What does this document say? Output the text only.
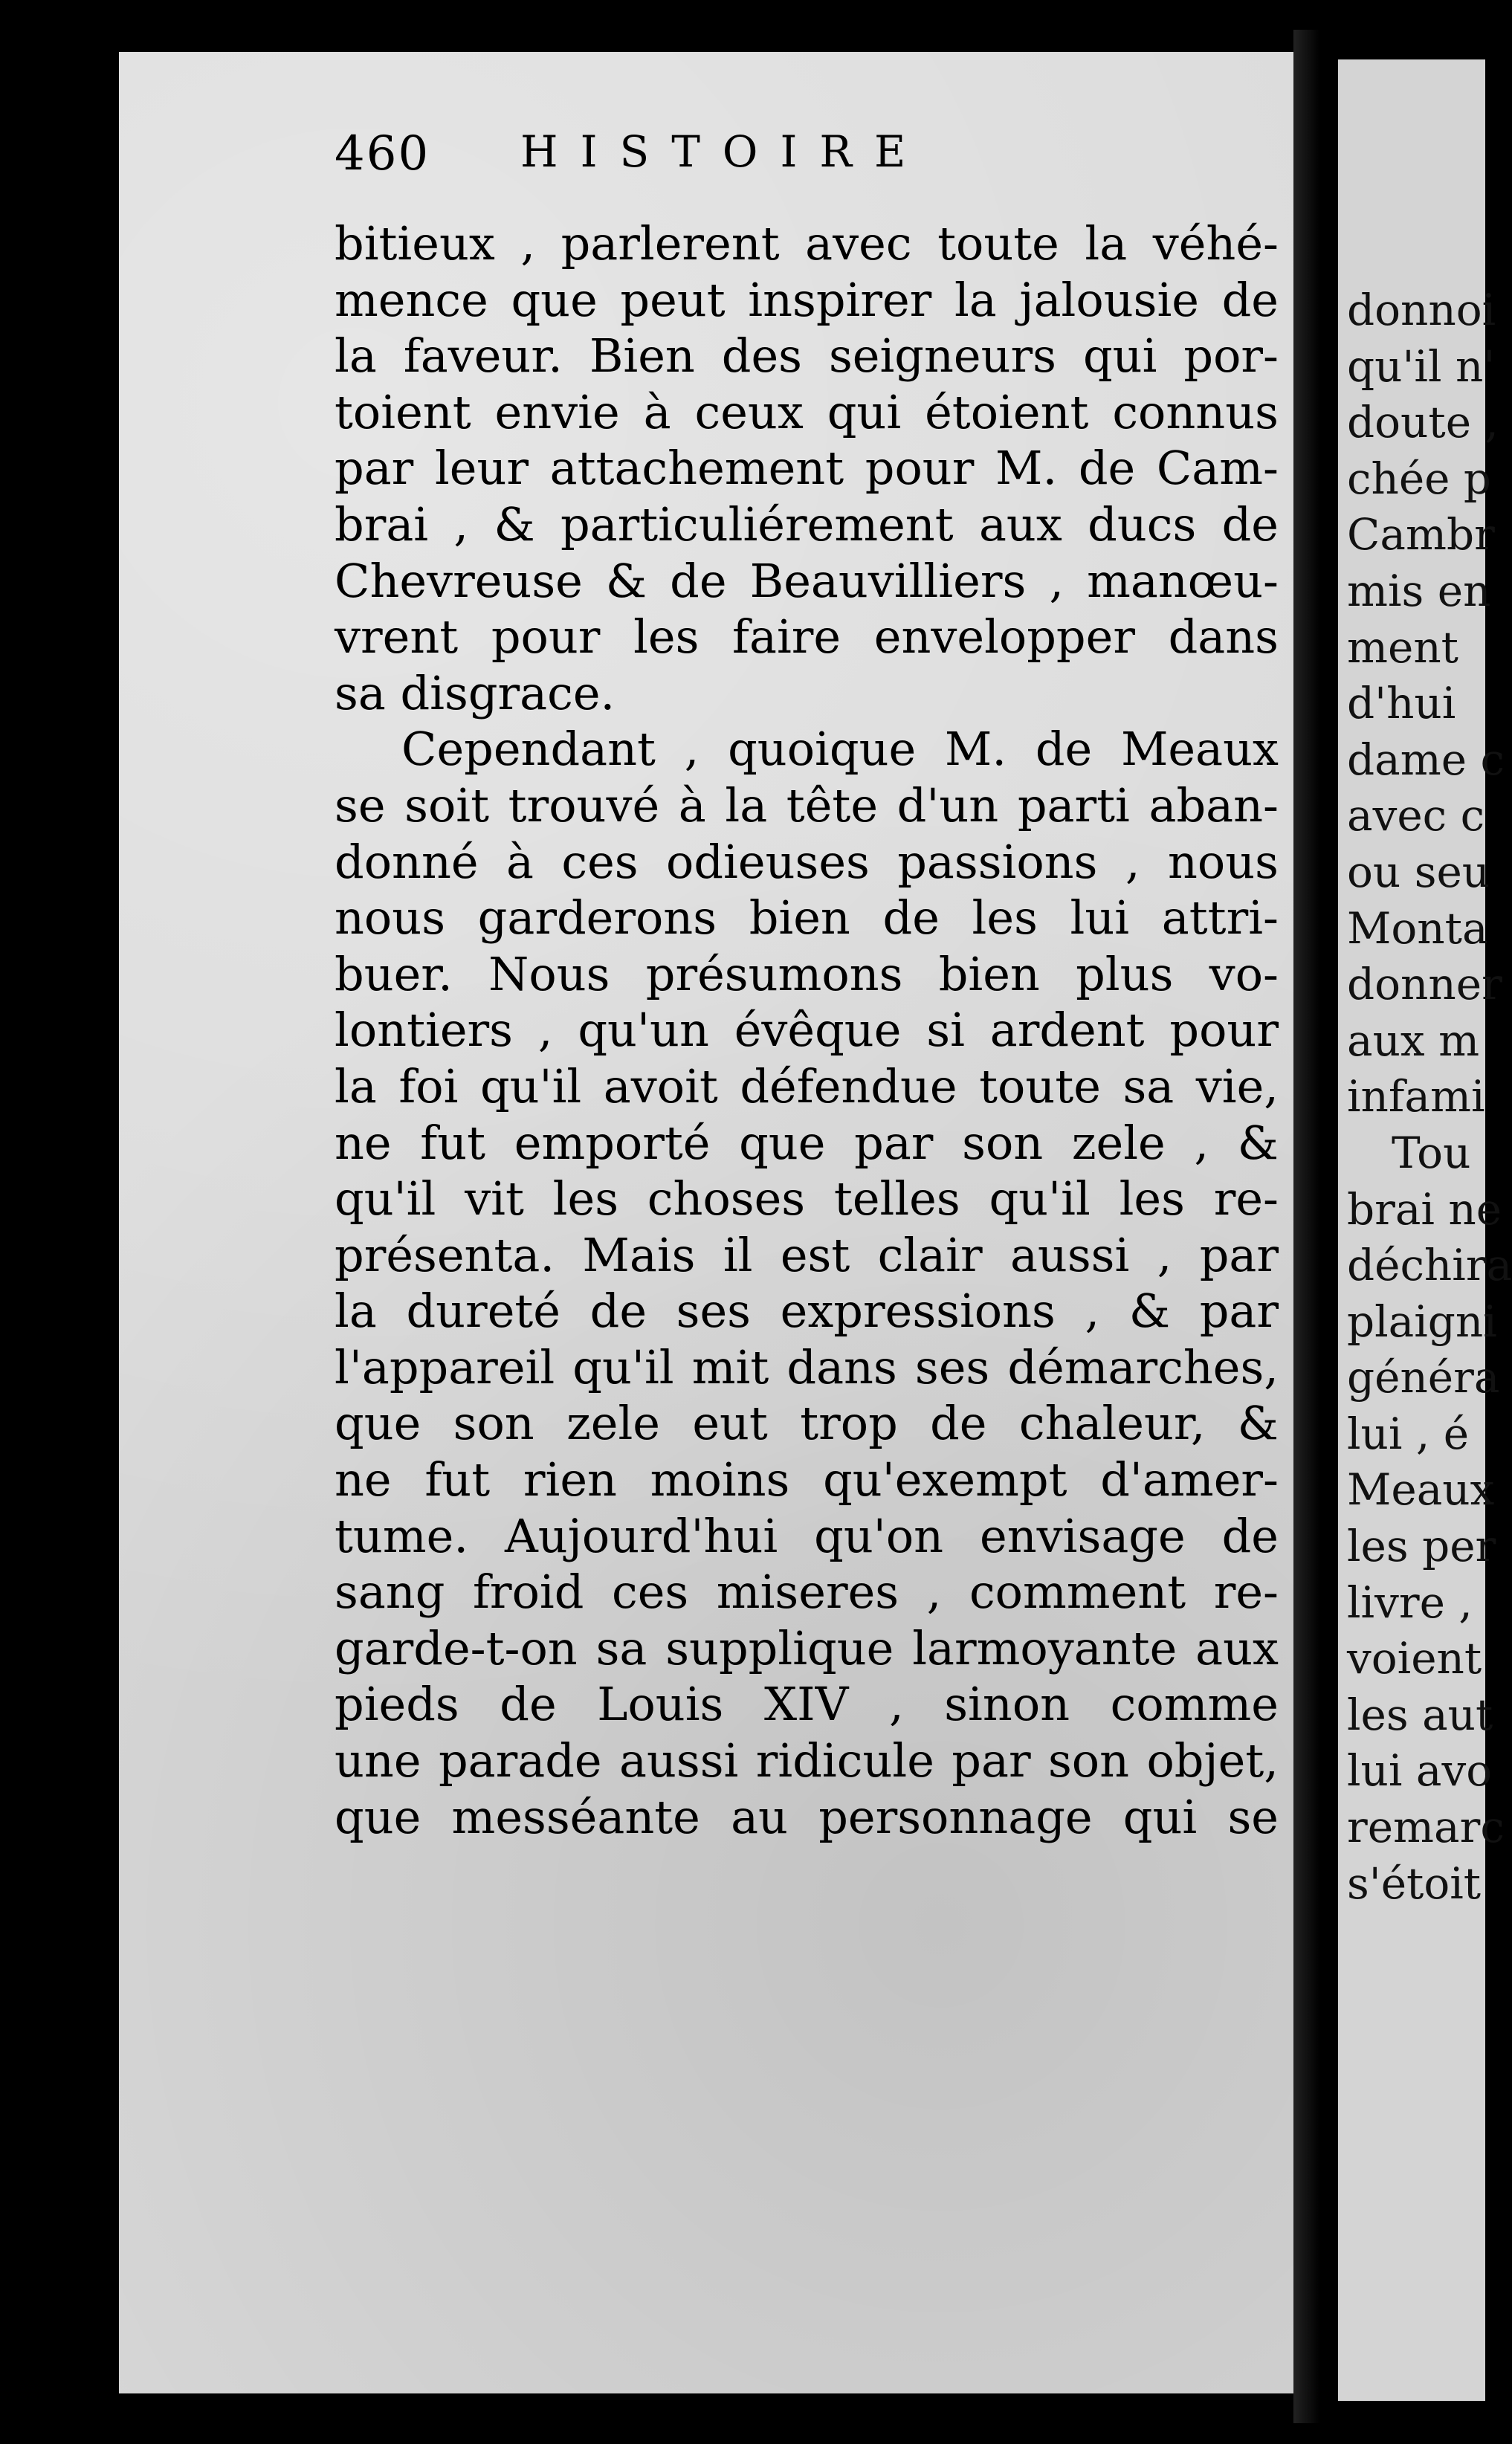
donnoi
qu'il n'
doute ,
chée p
Cambr
mis en
ment
d'hui
dame c
avec c
ou seu
Monta
donner
aux m
infami
Tou
brai ne
déchira
plaigni
généra
lui , é
Meaux
les per
livre ,
voient
les aut
lui avo
remarc
s'étoit
460 HISTOIRE
bitieux , parlerent avec toute la véhé-
mence que peut inspirer la jalousie de
la faveur. Bien des seigneurs qui por-
toient envie à ceux qui étoient connus
par leur attachement pour M. de Cam-
brai , & particuliérement aux ducs de
Chevreuse & de Beauvilliers , manœu-
vrent pour les faire envelopper dans
sa disgrace.
Cependant , quoique M. de Meaux
se soit trouvé à la tête d'un parti aban-
donné à ces odieuses passions , nous
nous garderons bien de les lui attri-
buer. Nous présumons bien plus vo-
lontiers , qu'un évêque si ardent pour
la foi qu'il avoit défendue toute sa vie,
ne fut emporté que par son zele , &
qu'il vit les choses telles qu'il les re-
présenta. Mais il est clair aussi , par
la dureté de ses expressions , & par
l'appareil qu'il mit dans ses démarches,
que son zele eut trop de chaleur, &
ne fut rien moins qu'exempt d'amer-
tume. Aujourd'hui qu'on envisage de
sang froid ces miseres , comment re-
garde-t-on sa supplique larmoyante aux
pieds de Louis XIV , sinon comme
une parade aussi ridicule par son objet,
que messéante au personnage qui se
